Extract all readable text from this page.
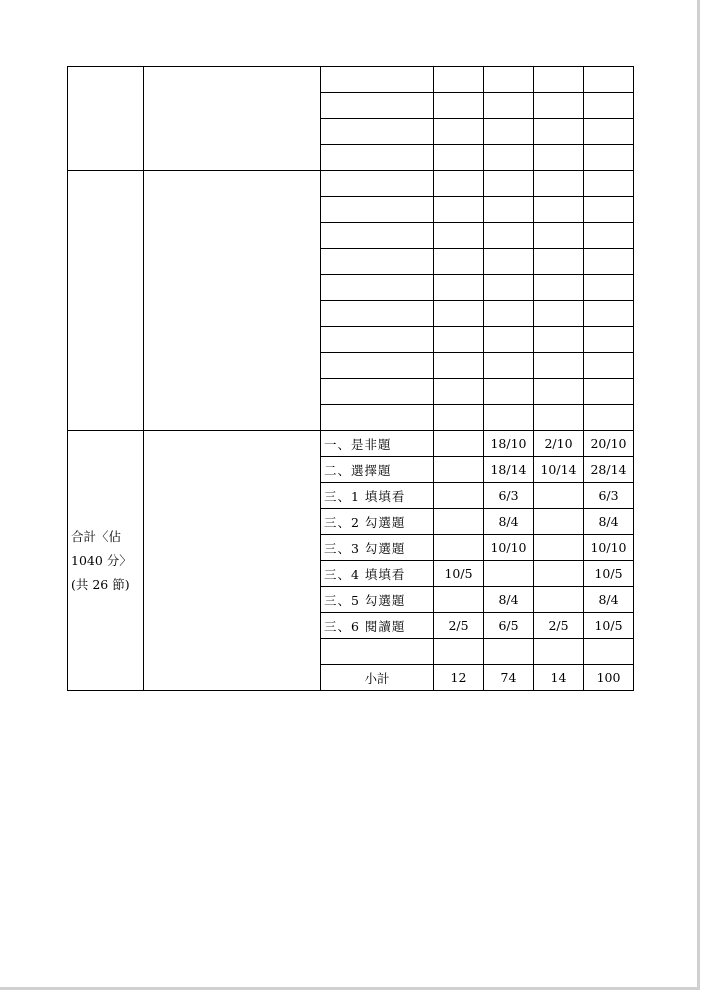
合計〈佔
1040 分〉
(共 26 節)		一、是非題		18/10	2/10	20/10
		二、選擇題		18/14	10/14	28/14
		三、1 填填看		6/3		6/3
		三、2 勾選題		8/4		8/4
		三、3 勾選題		10/10		10/10
		三、4 填填看	10/5			10/5
		三、5 勾選題		8/4		8/4
		三、6 閱讀題	2/5	6/5	2/5	10/5

		小計	12	74	14	100
